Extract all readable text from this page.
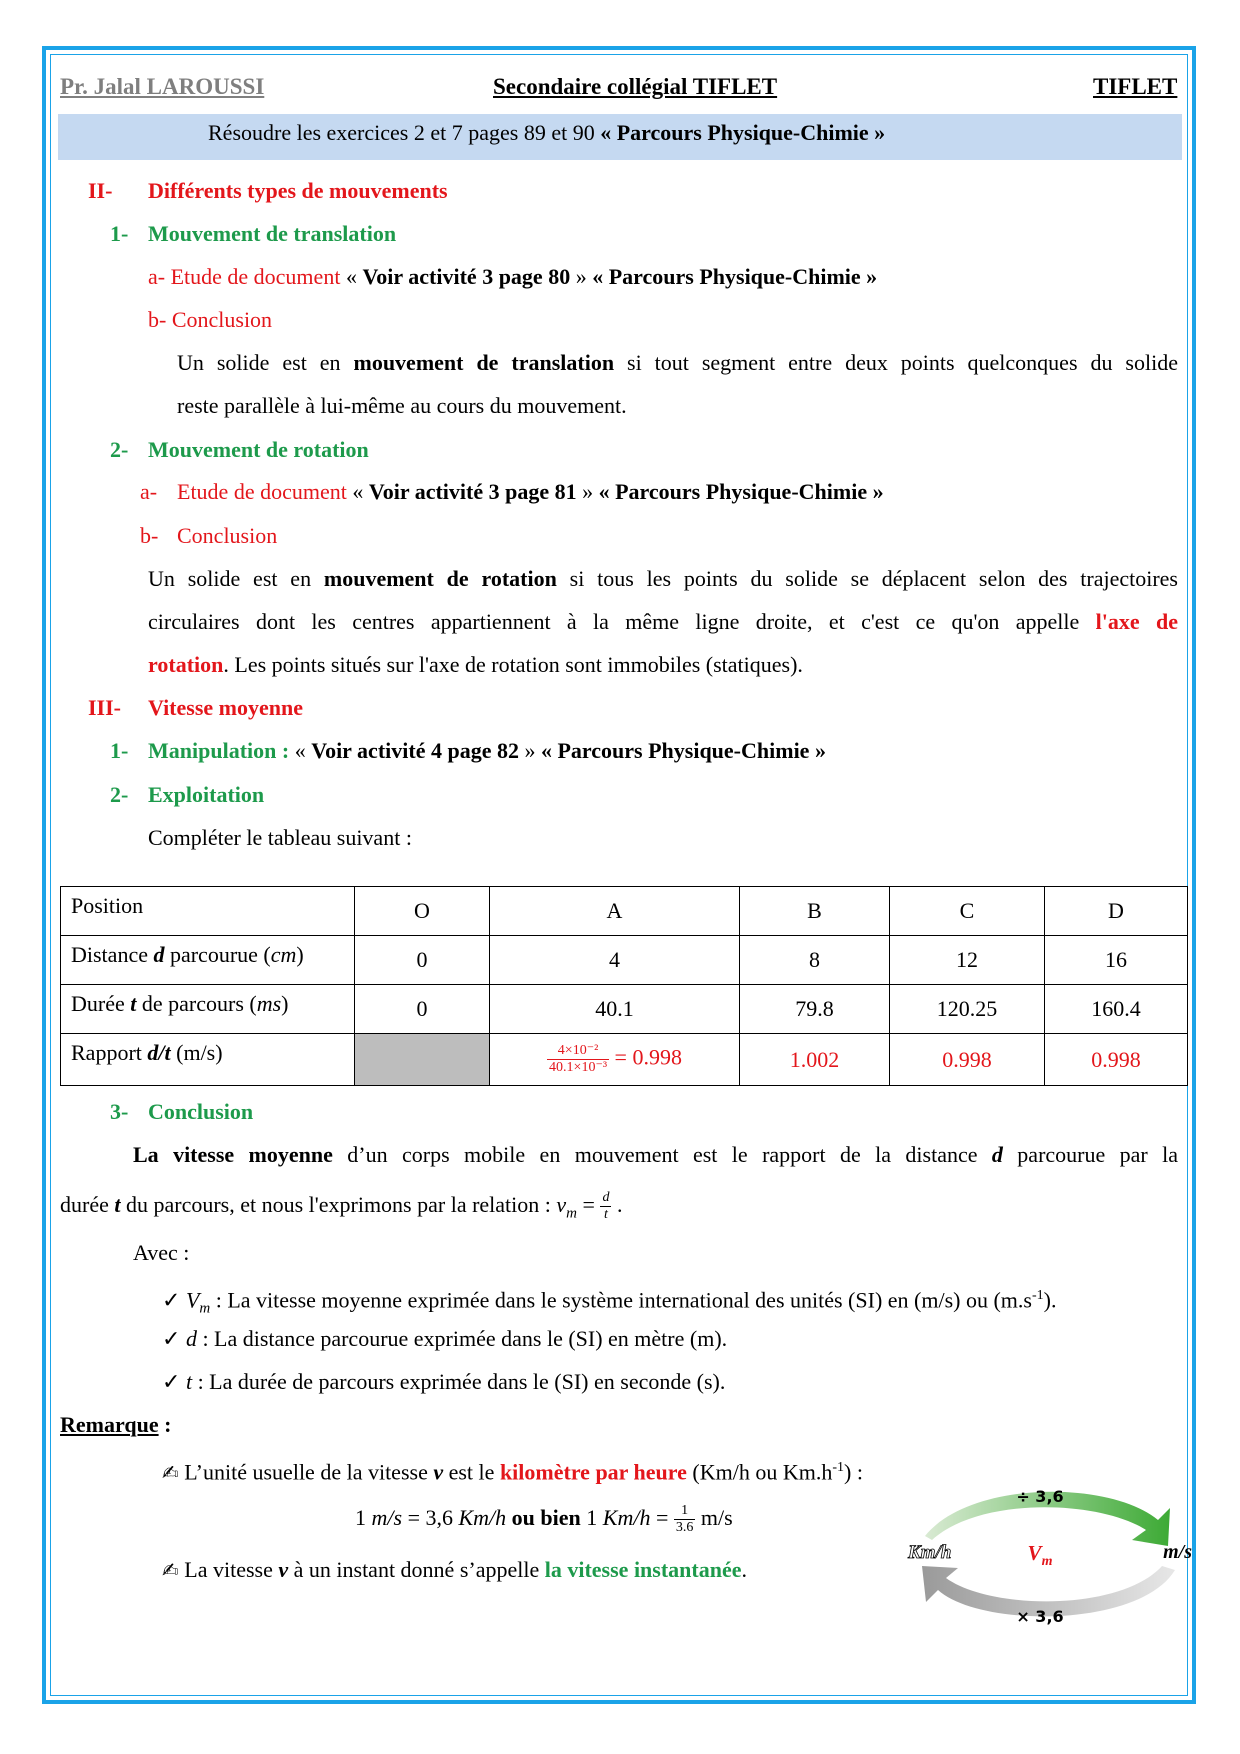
Pr. Jalal LAROUSSI	Secondaire collégial TIFLET	TIFLET
Résoudre les exercices 2 et 7 pages 89 et 90 « Parcours Physique-Chimie »
II- Différents types de mouvements
1- Mouvement de translation
a- Etude de document « Voir activité 3 page 80 » « Parcours Physique-Chimie »
b- Conclusion
Un solide est en mouvement de translation si tout segment entre deux points quelconques du solide
reste parallèle à lui-même au cours du mouvement.
2- Mouvement de rotation
a- Etude de document « Voir activité 3 page 81 » « Parcours Physique-Chimie »
b- Conclusion
Un solide est en mouvement de rotation si tous les points du solide se déplacent selon des trajectoires
circulaires dont les centres appartiennent à la même ligne droite, et c'est ce qu'on appelle l'axe de
rotation. Les points situés sur l'axe de rotation sont immobiles (statiques).
III- Vitesse moyenne
1- Manipulation : « Voir activité 4 page 82 » « Parcours Physique-Chimie »
2- Exploitation
Compléter le tableau suivant :
Position	O	A	B	C	D
Distance d parcourue (cm)	0	4	8	12	16
Durée t de parcours (ms)	0	40.1	79.8	120.25	160.4
Rapport d/t (m/s)		$\frac{\text{4×10⁻²}}{\text{40.1×10⁻³}} = 0.998$	1.002	0.998	0.998
3- Conclusion
La vitesse moyenne d’un corps mobile en mouvement est le rapport de la distance d parcourue par la
durée t du parcours, et nous l'exprimons par la relation : $v_m = \frac{d}{t}$ .
Avec :
✓ $V_m$ : La vitesse moyenne exprimée dans le système international des unités (SI) en (m/s) ou $(m.s^{-1})$.
✓ d : La distance parcourue exprimée dans le (SI) en mètre (m).
✓ t : La durée de parcours exprimée dans le (SI) en seconde (s).
Remarque :
✍ L’unité usuelle de la vitesse v est le kilomètre par heure (Km/h ou $Km.h^{-1}$) :
1 m/s = 3,6 Km/h ou bien 1 $Km/h = \frac{1}{3.6} m/s$
✍ La vitesse v à un instant donné s’appelle la vitesse instantanée.
÷ 3,6
Km/h	$V_m$	m/s
× 3,6
